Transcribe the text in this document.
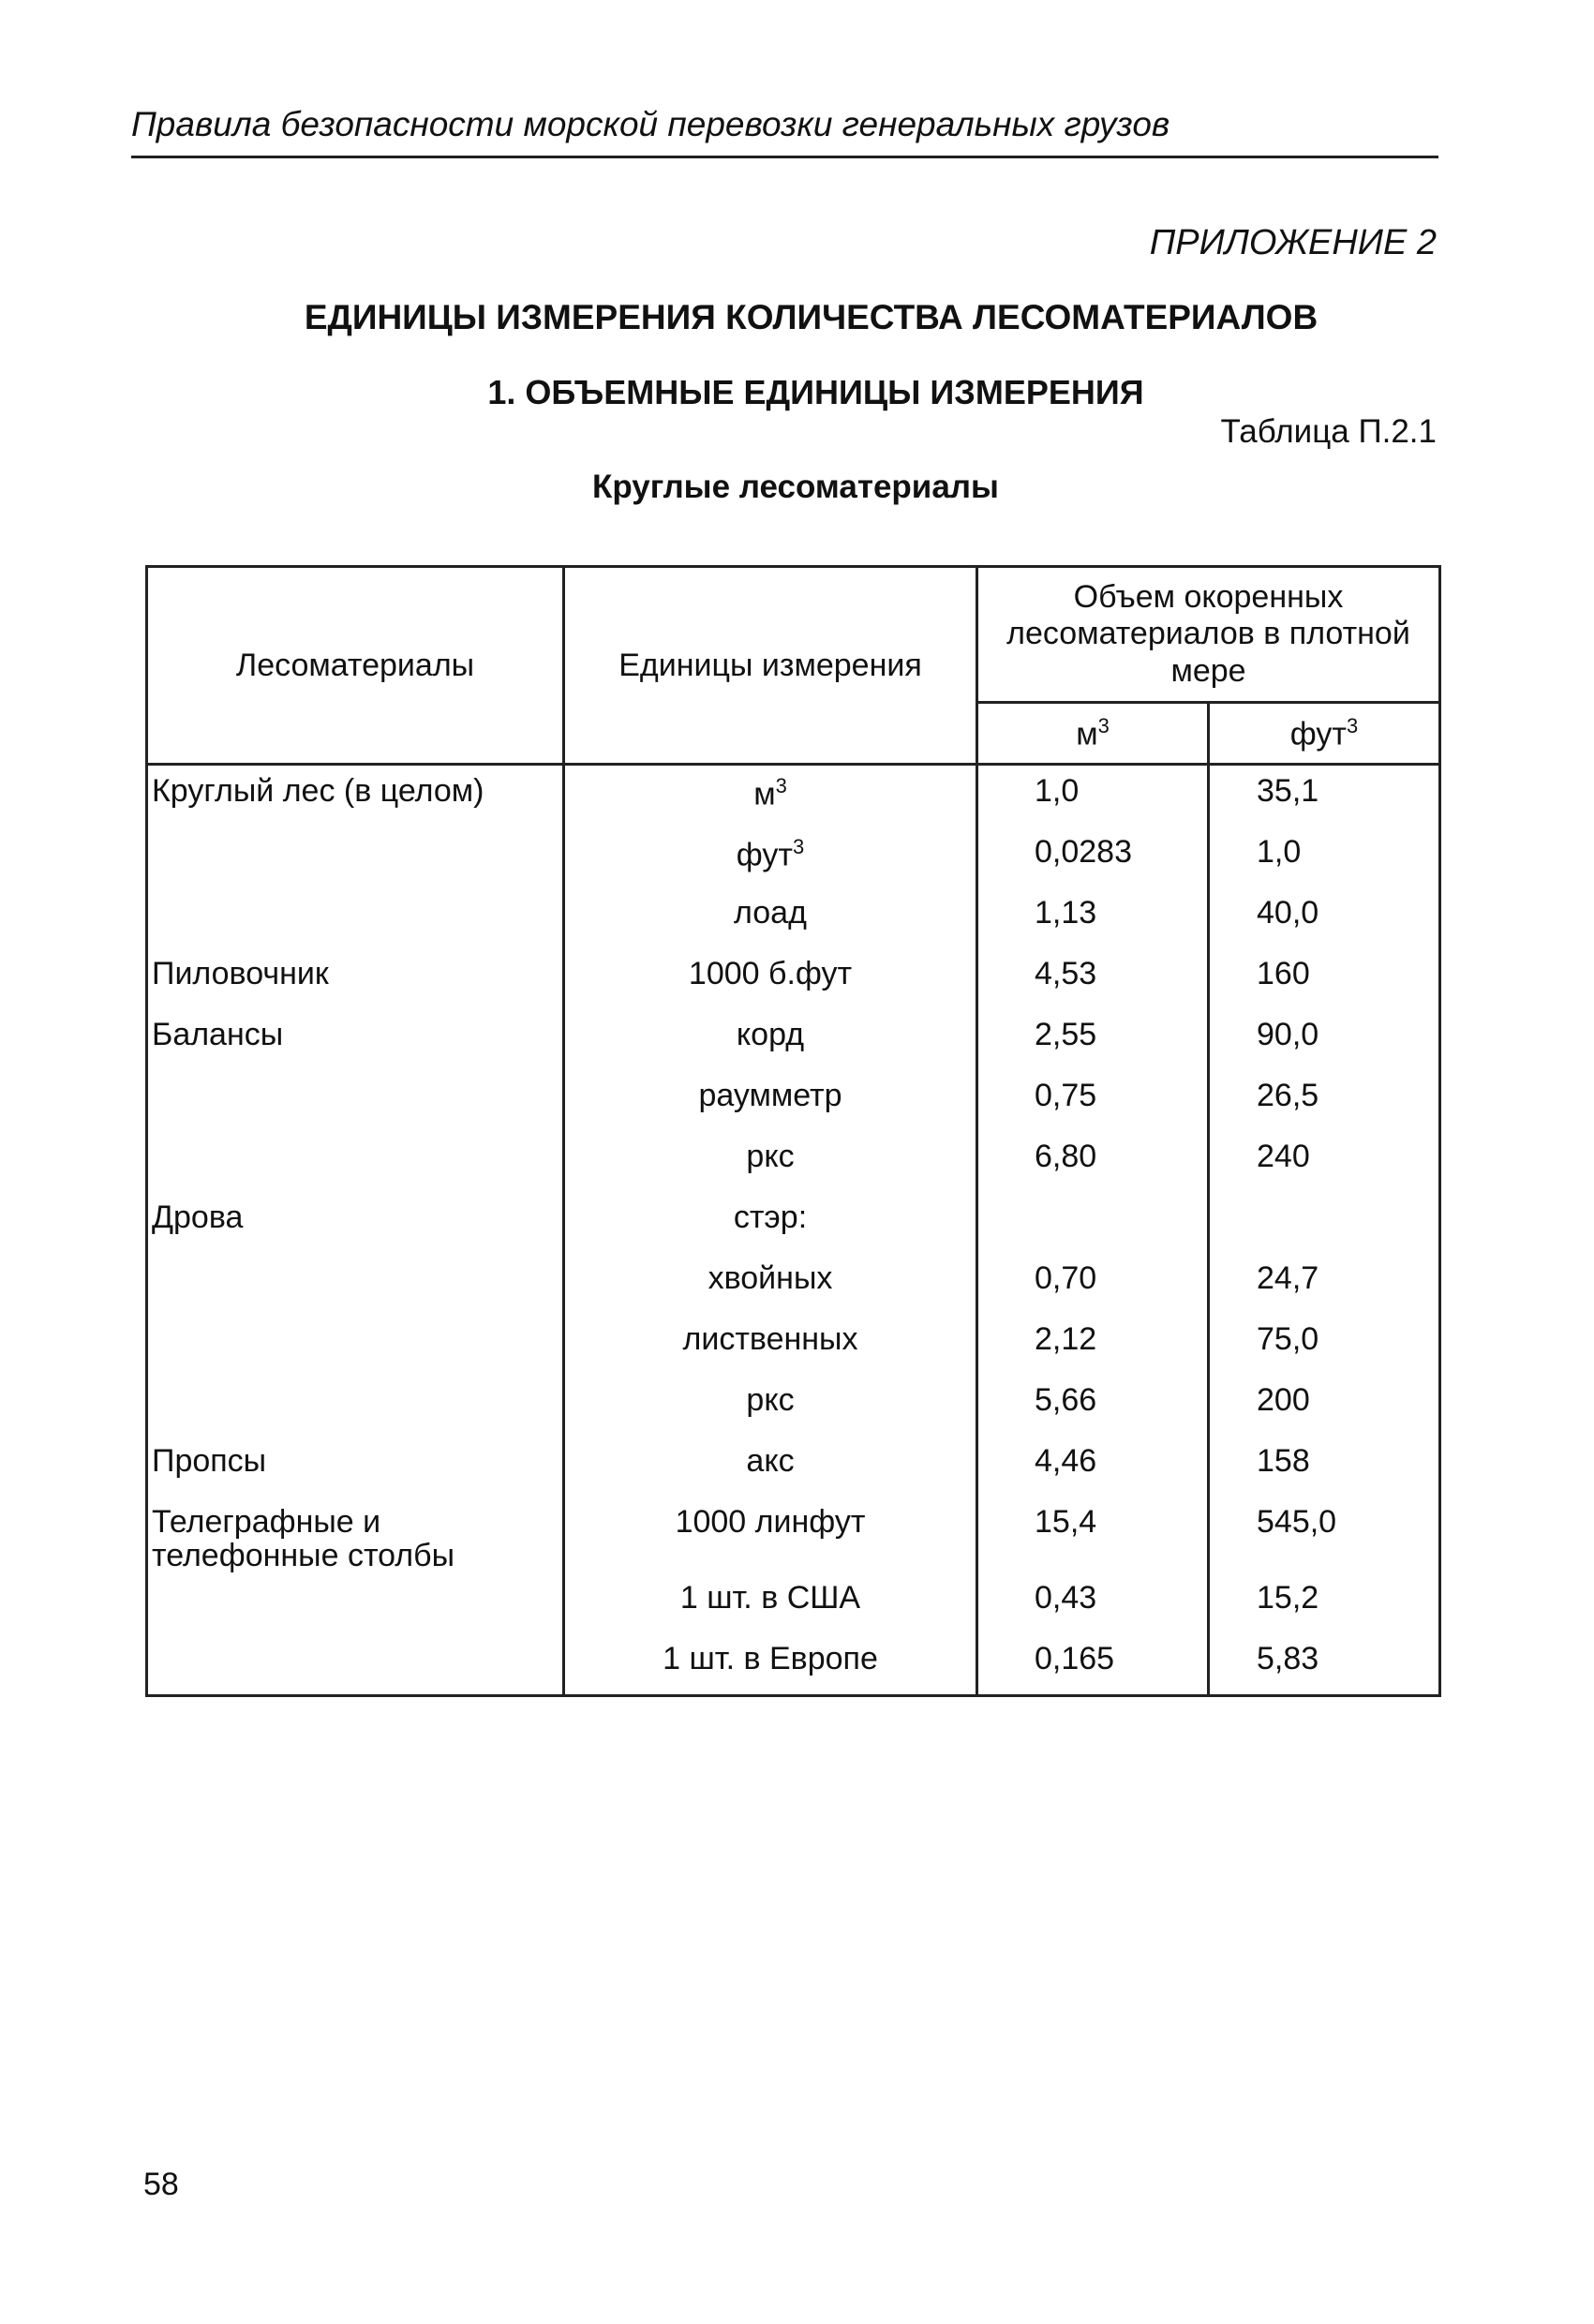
Правила безопасности морской перевозки генеральных грузов
ПРИЛОЖЕНИЕ 2
ЕДИНИЦЫ ИЗМЕРЕНИЯ КОЛИЧЕСТВА ЛЕСОМАТЕРИАЛОВ
1. ОБЪЕМНЫЕ ЕДИНИЦЫ ИЗМЕРЕНИЯ
Таблица П.2.1
Круглые лесоматериалы
Лесоматериалы	Единицы измерения	Объем окоренных лесоматериалов в плотной мере	
		$м^3$	фут$^3$
Круглый лес (в целом)	$м^3$	1,0	35,1
	фут$^3$	0,0283	1,0
	лоад	1,13	40,0
Пиловочник	1000 б.фут	4,53	160
Балансы	корд	2,55	90,0
	раумметр	0,75	26,5
	ркс	6,80	240
Дрова	стэр:		
	хвойных	0,70	24,7
	лиственных	2,12	75,0
	ркс	5,66	200
Пропсы	акс	4,46	158
Телеграфные и телефонные столбы	1000 линфут	15,4	545,0
	1 шт. в США	0,43	15,2
	1 шт. в Европе	0,165	5,83
58
